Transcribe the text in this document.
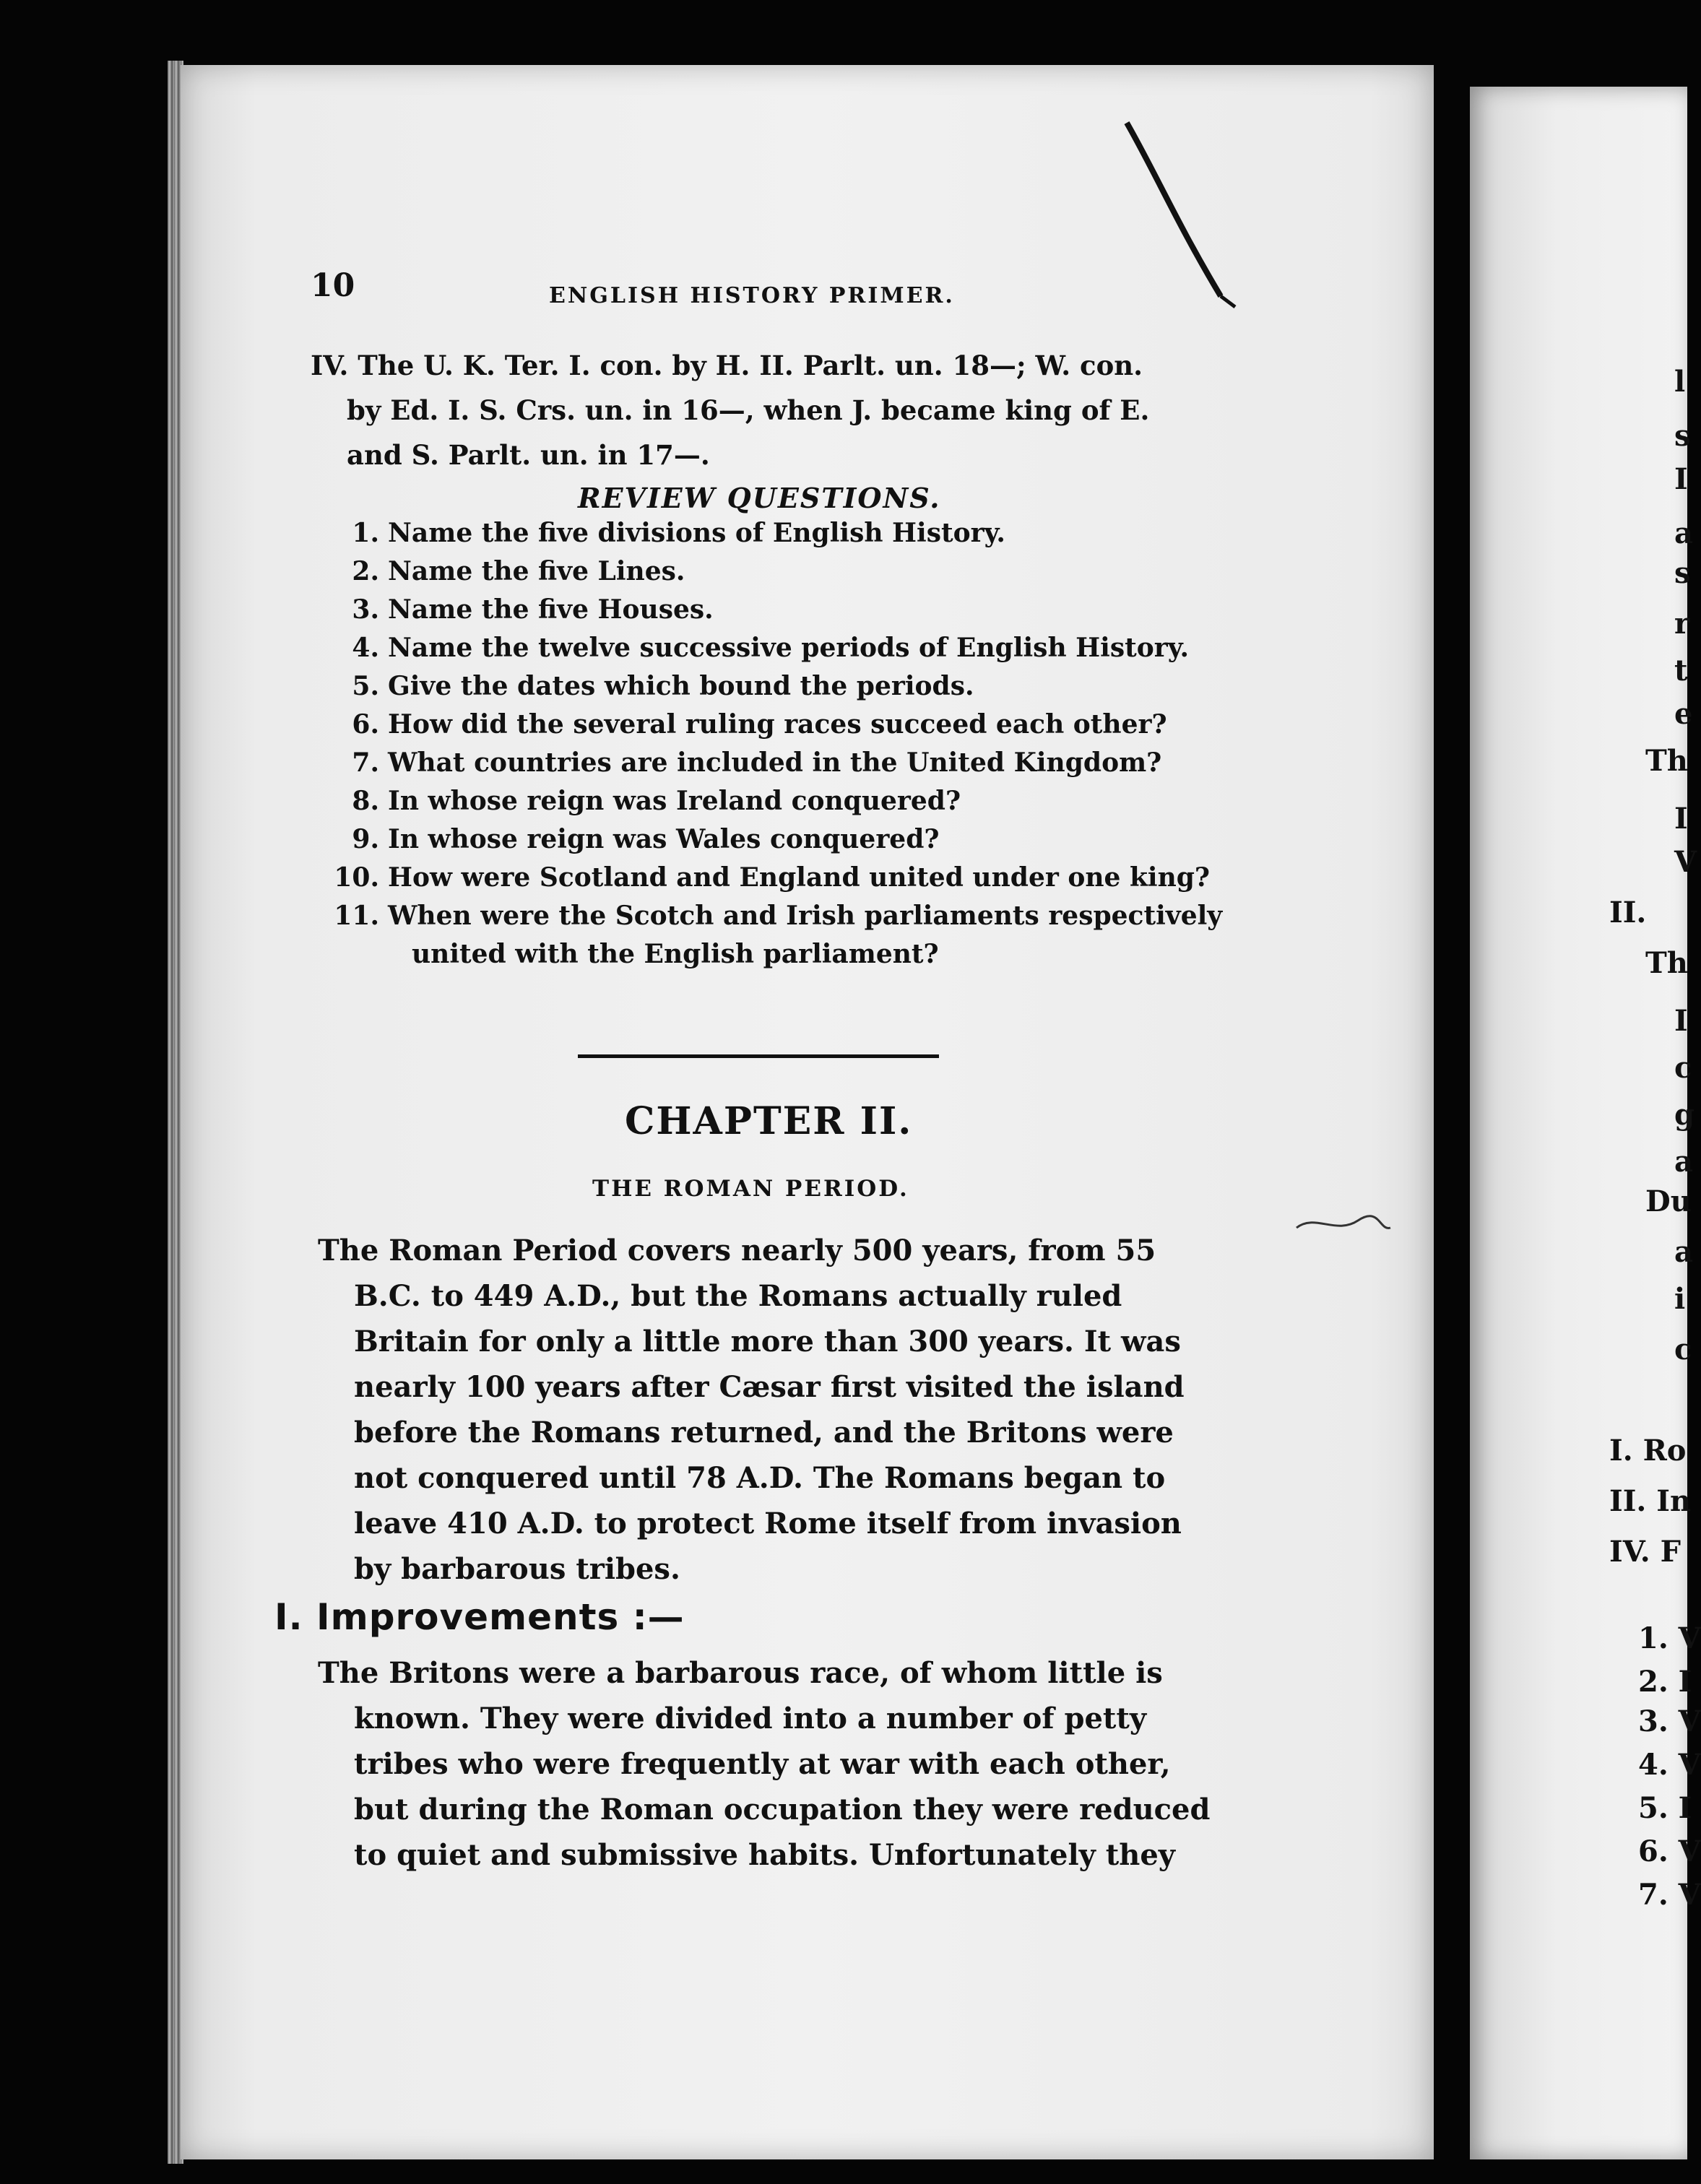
10	ENGLISH HISTORY PRIMER.
IV. The U. K. Ter. I. con. by H. II. Parlt. un. 18—; W. con.
by Ed. I. S. Crs. un. in 16—, when J. became king of E.
and S. Parlt. un. in 17—.
REVIEW QUESTIONS.
1. Name the five divisions of English History.
2. Name the five Lines.
3. Name the five Houses.
4. Name the twelve successive periods of English History.
5. Give the dates which bound the periods.
6. How did the several ruling races succeed each other?
7. What countries are included in the United Kingdom?
8. In whose reign was Ireland conquered?
9. In whose reign was Wales conquered?
10. How were Scotland and England united under one king?
11. When were the Scotch and Irish parliaments respectively
united with the English parliament?
CHAPTER II.
THE ROMAN PERIOD.
The Roman Period covers nearly 500 years, from 55
B.C. to 449 A.D., but the Romans actually ruled
Britain for only a little more than 300 years. It was
nearly 100 years after Cæsar first visited the island
before the Romans returned, and the Britons were
not conquered until 78 A.D. The Romans began to
leave 410 A.D. to protect Rome itself from invasion
by barbarous tribes.
I. Improvements :—
The Britons were a barbarous race, of whom little is
known. They were divided into a number of petty
tribes who were frequently at war with each other,
but during the Roman occupation they were reduced
to quiet and submissive habits. Unfortunately they
l
s
I
a
s
r
t
e
Th
I
V
II.
Th
I
c
g
a
Du
a
i
c
I. Ro
II. In
IV. F
1. V
2. I
3. V
4. V
5. I
6. V
7. V
